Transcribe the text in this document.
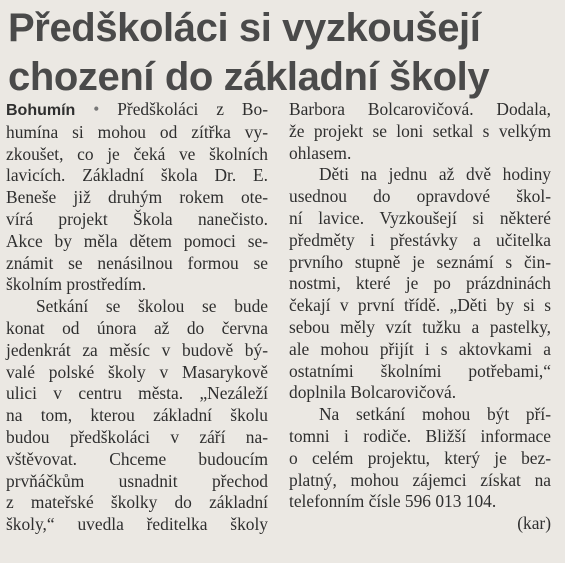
Předškoláci si vyzkoušejí
chození do základní školy
Bohumín • Předškoláci z Bo-
humína si mohou od zítřka vy-
zkoušet, co je čeká ve školních
lavicích. Základní škola Dr. E.
Beneše již druhým rokem ote-
vírá projekt Škola nanečisto.
Akce by měla dětem pomoci se-
známit se nenásilnou formou se
školním prostředím.
Setkání se školou se bude
konat od února až do června
jedenkrát za měsíc v budově bý-
valé polské školy v Masarykově
ulici v centru města. „Nezáleží
na tom, kterou základní školu
budou předškoláci v září na-
vštěvovat. Chceme budoucím
prvňáčkům usnadnit přechod
z mateřské školky do základní
školy,“ uvedla ředitelka školy
Barbora Bolcarovičová. Dodala,
že projekt se loni setkal s velkým
ohlasem.
Děti na jednu až dvě hodiny
usednou do opravdové škol-
ní lavice. Vyzkoušejí si některé
předměty i přestávky a učitelka
prvního stupně je seznámí s čin-
nostmi, které je po prázdninách
čekají v první třídě. „Děti by si s
sebou měly vzít tužku a pastelky,
ale mohou přijít i s aktovkami a
ostatními školními potřebami,“
doplnila Bolcarovičová.
Na setkání mohou být pří-
tomni i rodiče. Bližší informace
o celém projektu, který je bez-
platný, mohou zájemci získat na
telefonním čísle 596 013 104.
(kar)
